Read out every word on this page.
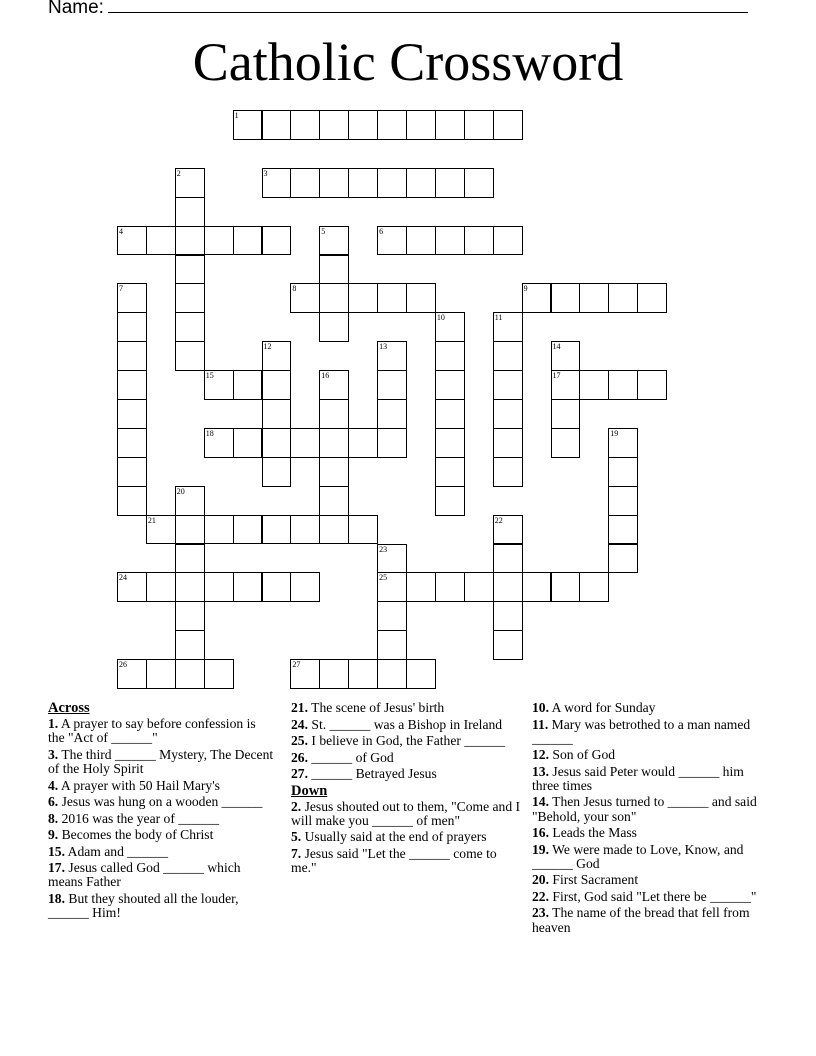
Name:
Catholic Crossword
1
3
4	6
8	9
15	17
18
21
24	25
26	27
2
5
7
10	11
12	13	14
16
19
20
22
23
Across
1. A prayer to say before confession is the "Act of ______"
3. The third ______ Mystery, The Decent of the Holy Spirit
4. A prayer with 50 Hail Mary's
6. Jesus was hung on a wooden ______
8. 2016 was the year of ______
9. Becomes the body of Christ
15. Adam and ______
17. Jesus called God ______ which means Father
18. But they shouted all the louder, ______ Him!
21. The scene of Jesus' birth
24. St. ______ was a Bishop in Ireland
25. I believe in God, the Father ______
26. ______ of God
27. ______ Betrayed Jesus
Down
2. Jesus shouted out to them, "Come and I will make you ______ of men"
5. Usually said at the end of prayers
7. Jesus said "Let the ______ come to me."
10. A word for Sunday
11. Mary was betrothed to a man named ______
12. Son of God
13. Jesus said Peter would ______ him three times
14. Then Jesus turned to ______ and said "Behold, your son"
16. Leads the Mass
19. We were made to Love, Know, and ______ God
20. First Sacrament
22. First, God said "Let there be ______"
23. The name of the bread that fell from heaven
